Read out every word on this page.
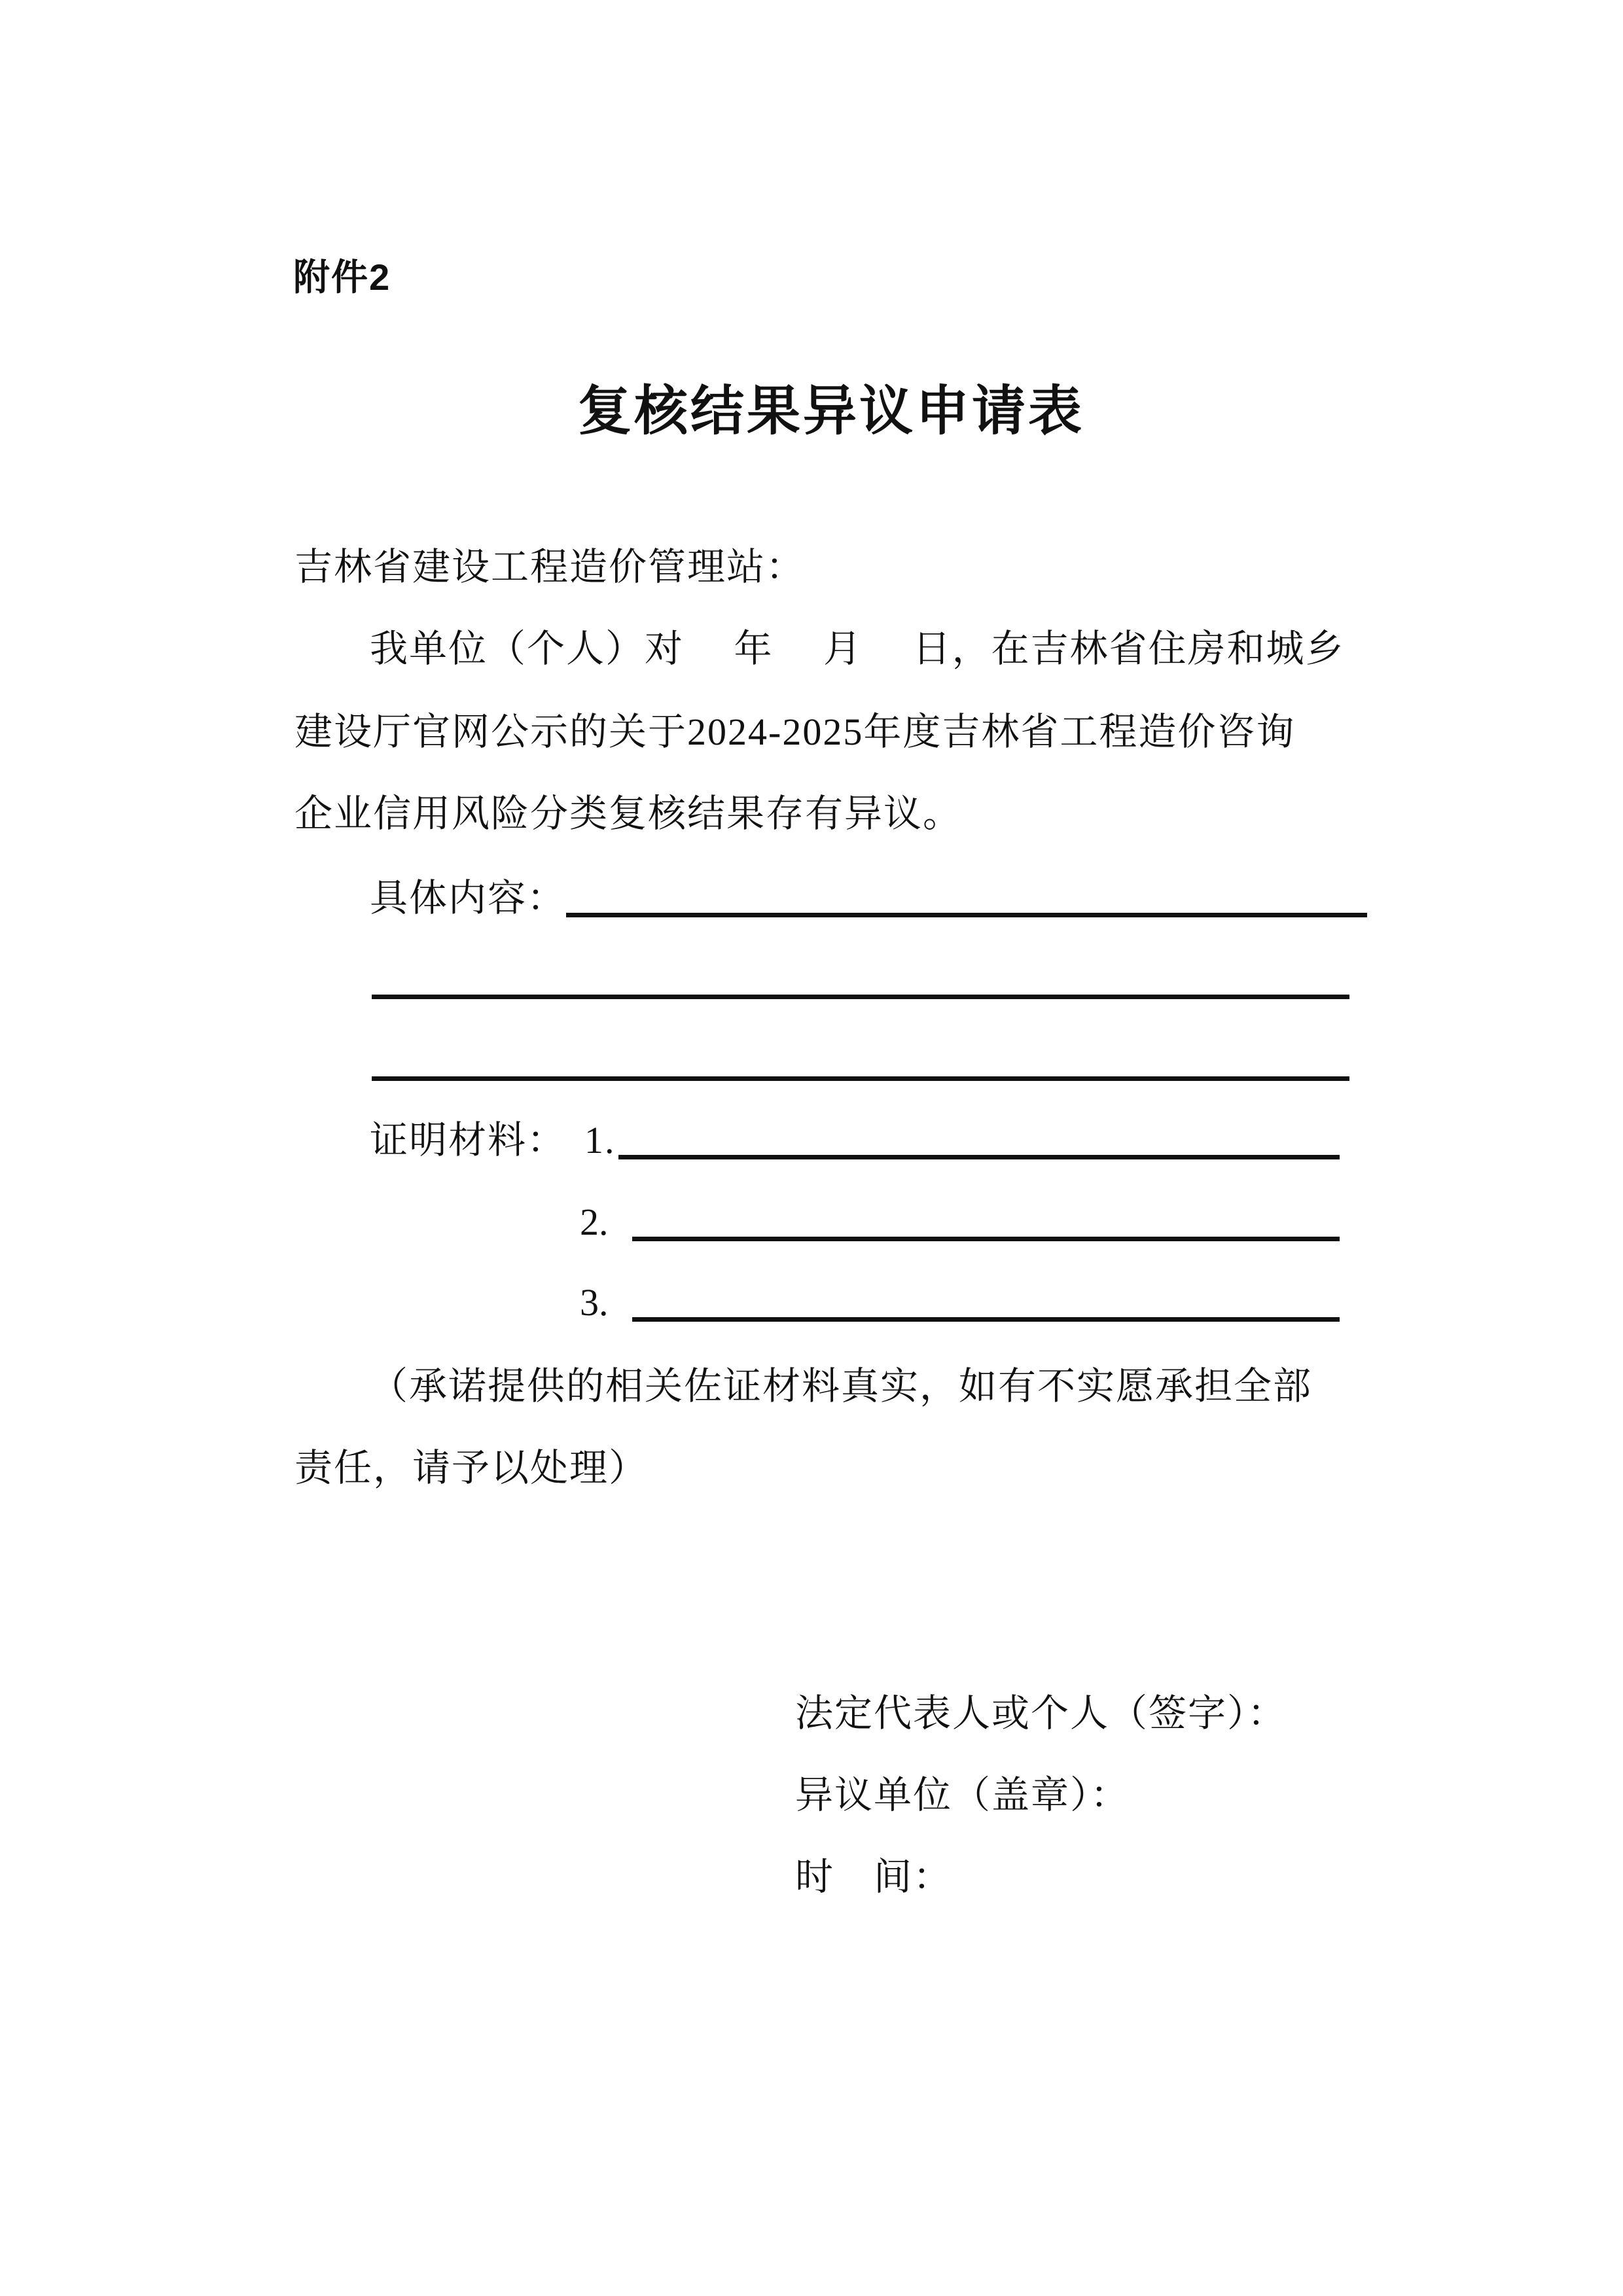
附件2
复核结果异议申请表
吉林省建设工程造价管理站：
我单位（个人）对　 年　 月　 日，在吉林省住房和城乡
建设厅官网公示的关于2024-2025年度吉林省工程造价咨询
企业信用风险分类复核结果存有异议。
具体内容：
证明材料： 1.
2.
3.
（承诺提供的相关佐证材料真实，如有不实愿承担全部
责任，请予以处理）
法定代表人或个人（签字）：
异议单位（盖章）：
时　间：
